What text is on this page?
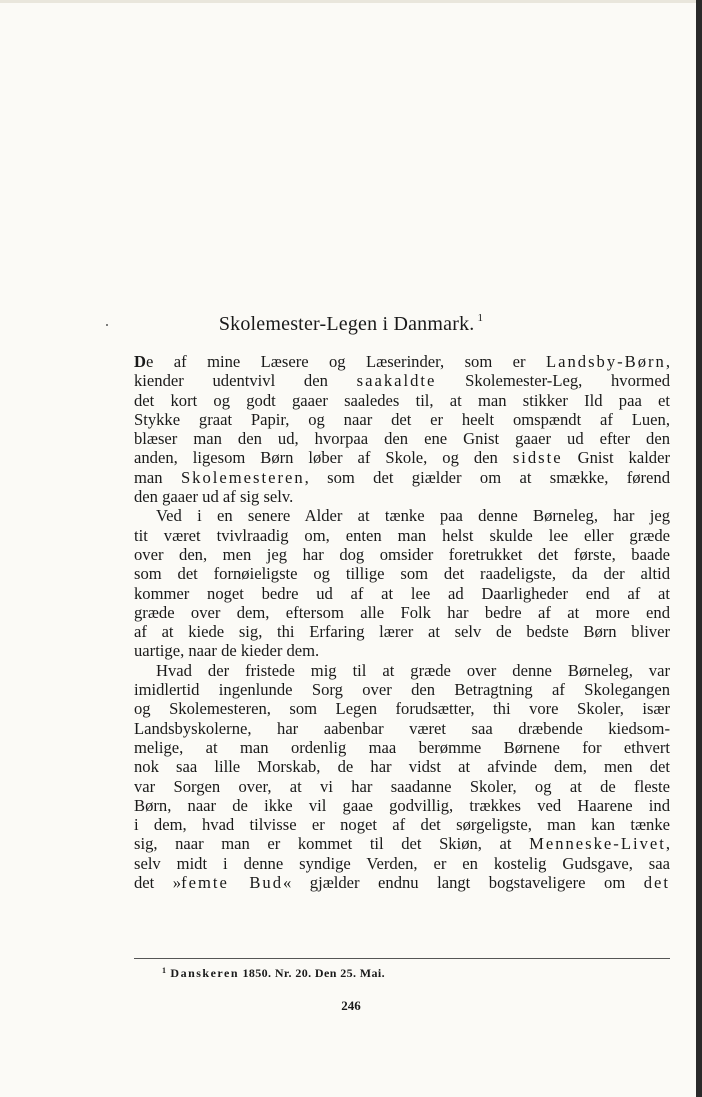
Skolemester-Legen i Danmark. $^1$
De af mine Læsere og Læserinder, som er Landsby-Børn,
kiender udentvivl den saakaldte Skolemester-Leg, hvormed
det kort og godt gaaer saaledes til, at man stikker Ild paa et
Stykke graat Papir, og naar det er heelt omspændt af Luen,
blæser man den ud, hvorpaa den ene Gnist gaaer ud efter den
anden, ligesom Børn løber af Skole, og den sidste Gnist kalder
man Skolemesteren, som det giælder om at smække, førend
den gaaer ud af sig selv.
Ved i en senere Alder at tænke paa denne Børneleg, har jeg
tit været tvivlraadig om, enten man helst skulde lee eller græde
over den, men jeg har dog omsider foretrukket det første, baade
som det fornøieligste og tillige som det raadeligste, da der altid
kommer noget bedre ud af at lee ad Daarligheder end af at
græde over dem, eftersom alle Folk har bedre af at more end
af at kiede sig, thi Erfaring lærer at selv de bedste Børn bliver
uartige, naar de kieder dem.
Hvad der fristede mig til at græde over denne Børneleg, var
imidlertid ingenlunde Sorg over den Betragtning af Skolegangen
og Skolemesteren, som Legen forudsætter, thi vore Skoler, især
Landsbyskolerne, har aabenbar været saa dræbende kiedsom-
melige, at man ordenlig maa berømme Børnene for ethvert
nok saa lille Morskab, de har vidst at afvinde dem, men det
var Sorgen over, at vi har saadanne Skoler, og at de fleste
Børn, naar de ikke vil gaae godvillig, trækkes ved Haarene ind
i dem, hvad tilvisse er noget af det sørgeligste, man kan tænke
sig, naar man er kommet til det Skiøn, at Menneske-Livet,
selv midt i denne syndige Verden, er en kostelig Gudsgave, saa
det »femte Bud« gjælder endnu langt bogstaveligere om det
$^1$ Danskeren 1850. Nr. 20. Den 25. Mai.
246
